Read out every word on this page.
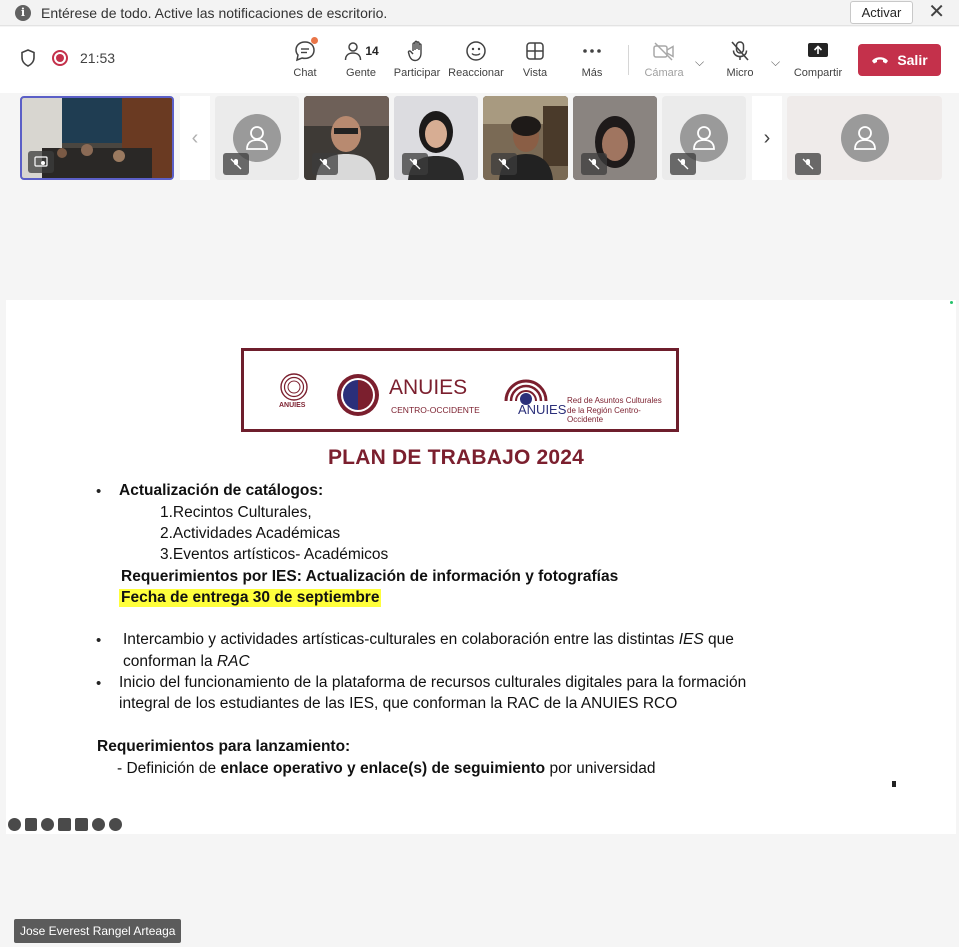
i	Entérese de todo. Active las notificaciones de escritorio.	Activar	✕
21:53
Chat
14
Gente Participar Reaccionar Vista	Más	Cámara
⌵
Micro
⌵
Compartir
Salir
‹	›
ANUIES
ANUIES
CENTRO-OCCIDENTE	ANUIES
Red de Asuntos Culturales
de la Región Centro-Occidente
PLAN DE TRABAJO 2024
• Actualización de catálogos:
1.Recintos Culturales,
2.Actividades Académicas
3.Eventos artísticos- Académicos
Requerimientos por IES: Actualización de información y fotografías
Fecha de entrega 30 de septiembre
• Intercambio y actividades artísticas-culturales en colaboración entre las distintas IES que
conforman la RAC
• Inicio del funcionamiento de la plataforma de recursos culturales digitales para la formación
integral de los estudiantes de las IES, que conforman la RAC de la ANUIES RCO
Requerimientos para lanzamiento:
- Definición de enlace operativo y enlace(s) de seguimiento por universidad
Jose Everest Rangel Arteaga
